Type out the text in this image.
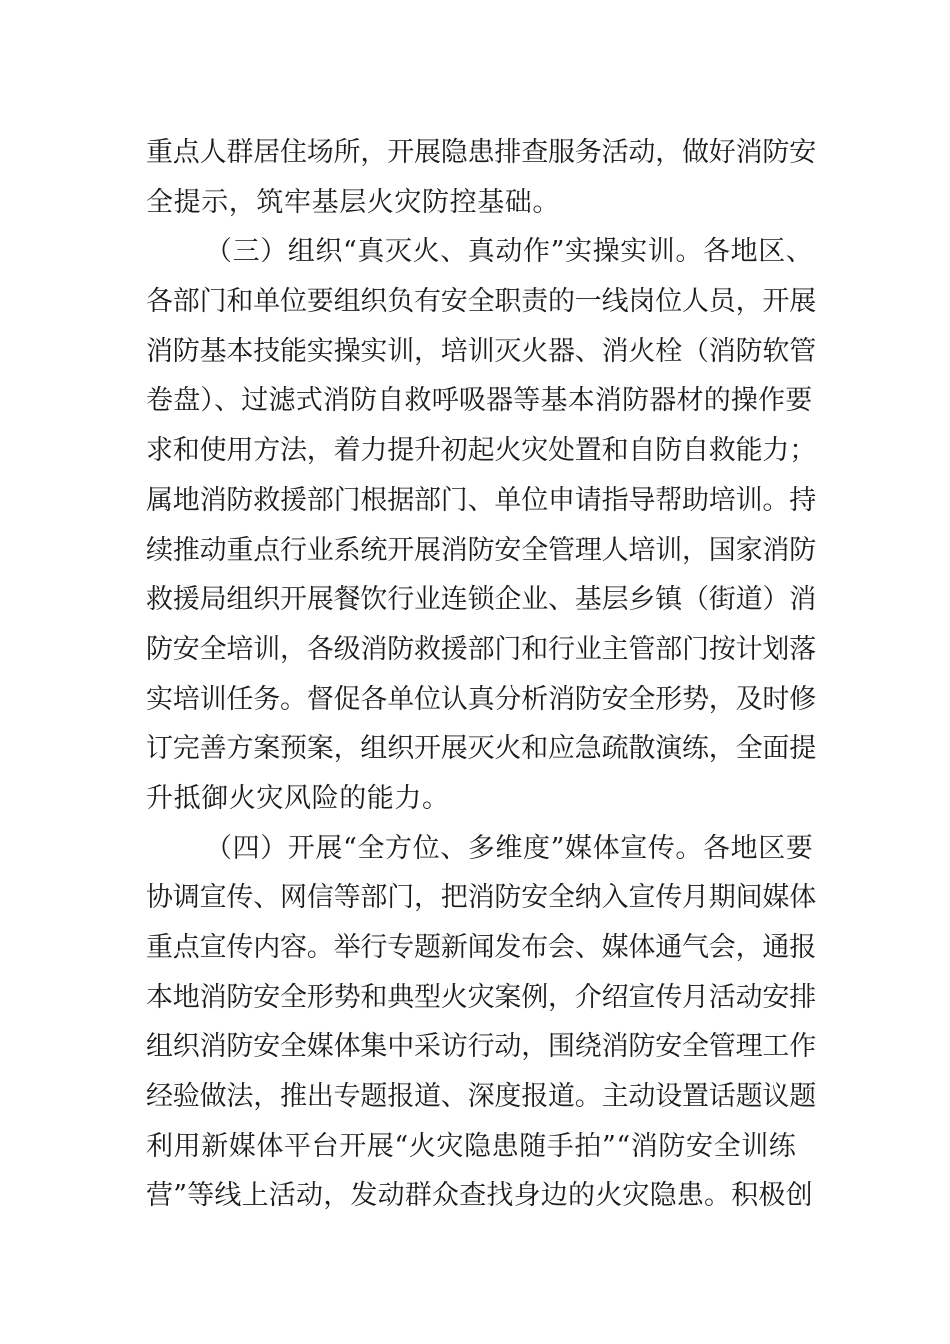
重点人群居住场所，开展隐患排查服务活动，做好消防安
全提示，筑牢基层火灾防控基础。
（三）组织“真灭火、真动作”实操实训。各地区、
各部门和单位要组织负有安全职责的一线岗位人员，开展
消防基本技能实操实训，培训灭火器、消火栓（消防软管
卷盘）、过滤式消防自救呼吸器等基本消防器材的操作要
求和使用方法，着力提升初起火灾处置和自防自救能力；
属地消防救援部门根据部门、单位申请指导帮助培训。持
续推动重点行业系统开展消防安全管理人培训，国家消防
救援局组织开展餐饮行业连锁企业、基层乡镇（街道）消
防安全培训，各级消防救援部门和行业主管部门按计划落
实培训任务。督促各单位认真分析消防安全形势，及时修
订完善方案预案，组织开展灭火和应急疏散演练，全面提
升抵御火灾风险的能力。
（四）开展“全方位、多维度”媒体宣传。各地区要
协调宣传、网信等部门，把消防安全纳入宣传月期间媒体
重点宣传内容。举行专题新闻发布会、媒体通气会，通报
本地消防安全形势和典型火灾案例，介绍宣传月活动安排
组织消防安全媒体集中采访行动，围绕消防安全管理工作
经验做法，推出专题报道、深度报道。主动设置话题议题
利用新媒体平台开展“火灾隐患随手拍”“消防安全训练
营”等线上活动，发动群众查找身边的火灾隐患。积极创
